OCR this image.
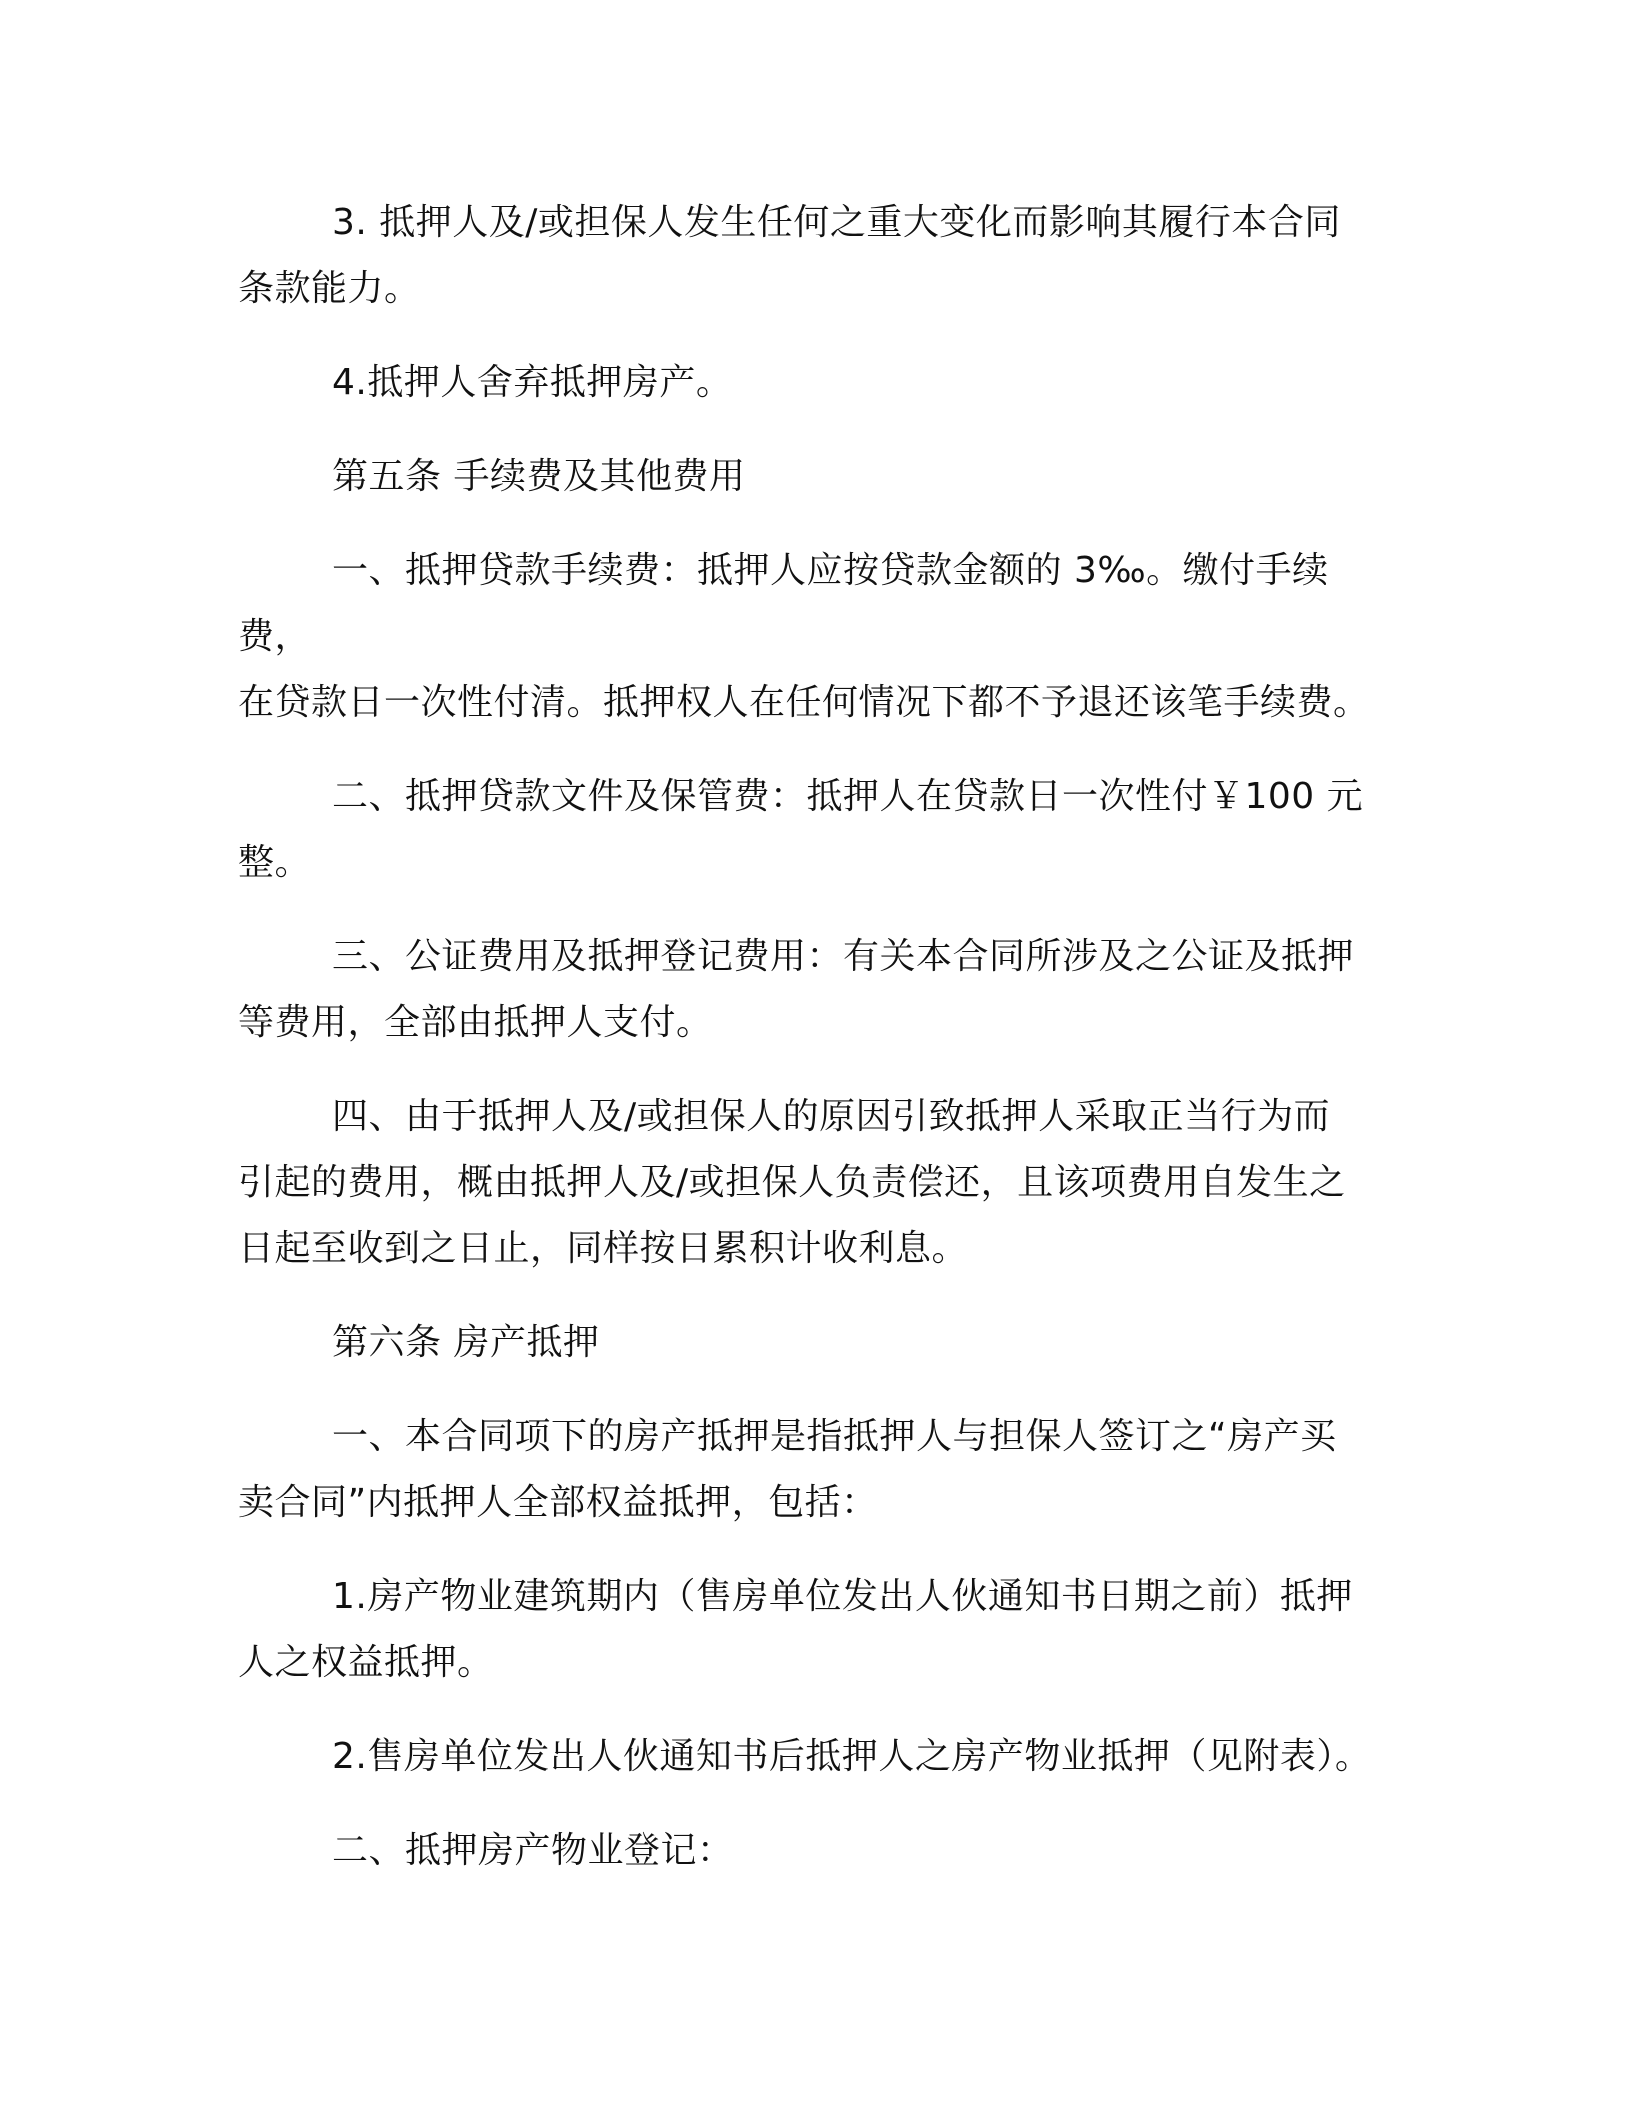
3. 抵押人及/或担保人发生任何之重大变化而影响其履行本合同
条款能力。

4.抵押人舍弃抵押房产。

第五条 手续费及其他费用

一、抵押贷款手续费：抵押人应按贷款金额的 3‰。缴付手续费，
在贷款日一次性付清。抵押权人在任何情况下都不予退还该笔手续费。

二、抵押贷款文件及保管费：抵押人在贷款日一次性付￥100 元
整。

三、公证费用及抵押登记费用：有关本合同所涉及之公证及抵押
等费用，全部由抵押人支付。

四、由于抵押人及/或担保人的原因引致抵押人采取正当行为而
引起的费用，概由抵押人及/或担保人负责偿还，且该项费用自发生之
日起至收到之日止，同样按日累积计收利息。

第六条 房产抵押

一、本合同项下的房产抵押是指抵押人与担保人签订之“房产买
卖合同”内抵押人全部权益抵押，包括：

1.房产物业建筑期内（售房单位发出人伙通知书日期之前）抵押
人之权益抵押。

2.售房单位发出人伙通知书后抵押人之房产物业抵押（见附表）。

二、抵押房产物业登记：
